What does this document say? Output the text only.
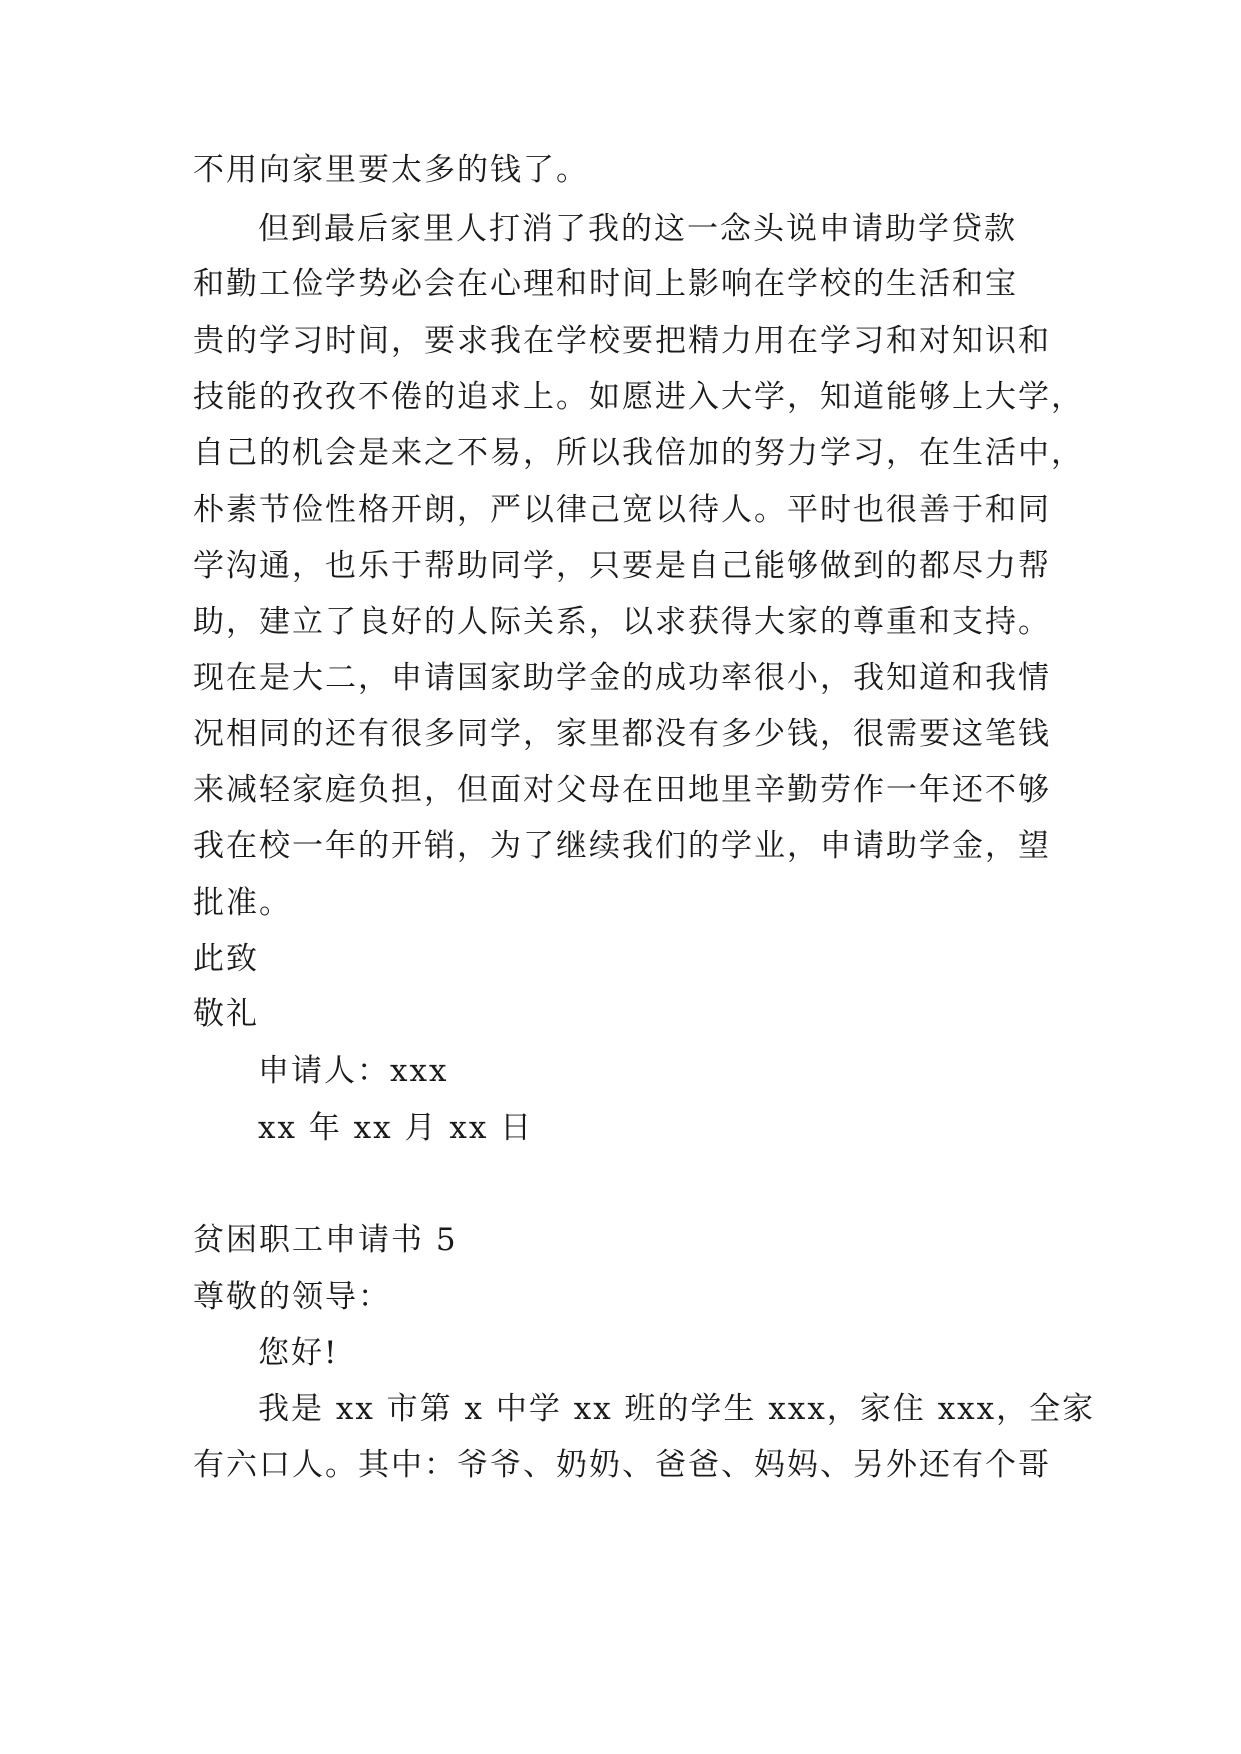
不用向家里要太多的钱了。
但到最后家里人打消了我的这一念头说申请助学贷款
和勤工俭学势必会在心理和时间上影响在学校的生活和宝
贵的学习时间，要求我在学校要把精力用在学习和对知识和
技能的孜孜不倦的追求上。如愿进入大学，知道能够上大学，
自己的机会是来之不易，所以我倍加的努力学习，在生活中，
朴素节俭性格开朗，严以律己宽以待人。平时也很善于和同
学沟通，也乐于帮助同学，只要是自己能够做到的都尽力帮
助，建立了良好的人际关系，以求获得大家的尊重和支持。
现在是大二，申请国家助学金的成功率很小，我知道和我情
况相同的还有很多同学，家里都没有多少钱，很需要这笔钱
来减轻家庭负担，但面对父母在田地里辛勤劳作一年还不够
我在校一年的开销，为了继续我们的学业，申请助学金，望
批准。
此致
敬礼
申请人：xxx
xx 年 xx 月 xx 日
贫困职工申请书 5
尊敬的领导：
您好!
我是 xx 市第 x 中学 xx 班的学生 xxx，家住 xxx，全家
有六口人。其中：爷爷、奶奶、爸爸、妈妈、另外还有个哥
